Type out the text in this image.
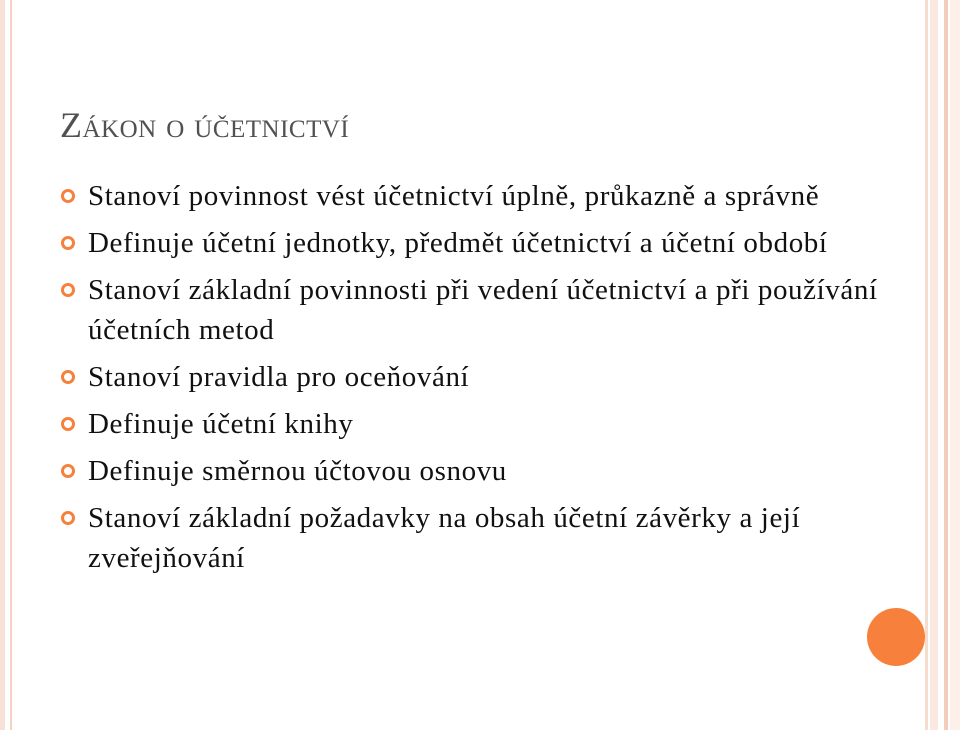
Zákon o účetnictví
Stanoví povinnost vést účetnictví úplně, průkazně a správně
Definuje účetní jednotky, předmět účetnictví a účetní období
Stanoví základní povinnosti při vedení účetnictví a při používání účetních metod
Stanoví pravidla pro oceňování
Definuje účetní knihy
Definuje směrnou účtovou osnovu
Stanoví základní požadavky na obsah účetní závěrky a její zveřejňování
